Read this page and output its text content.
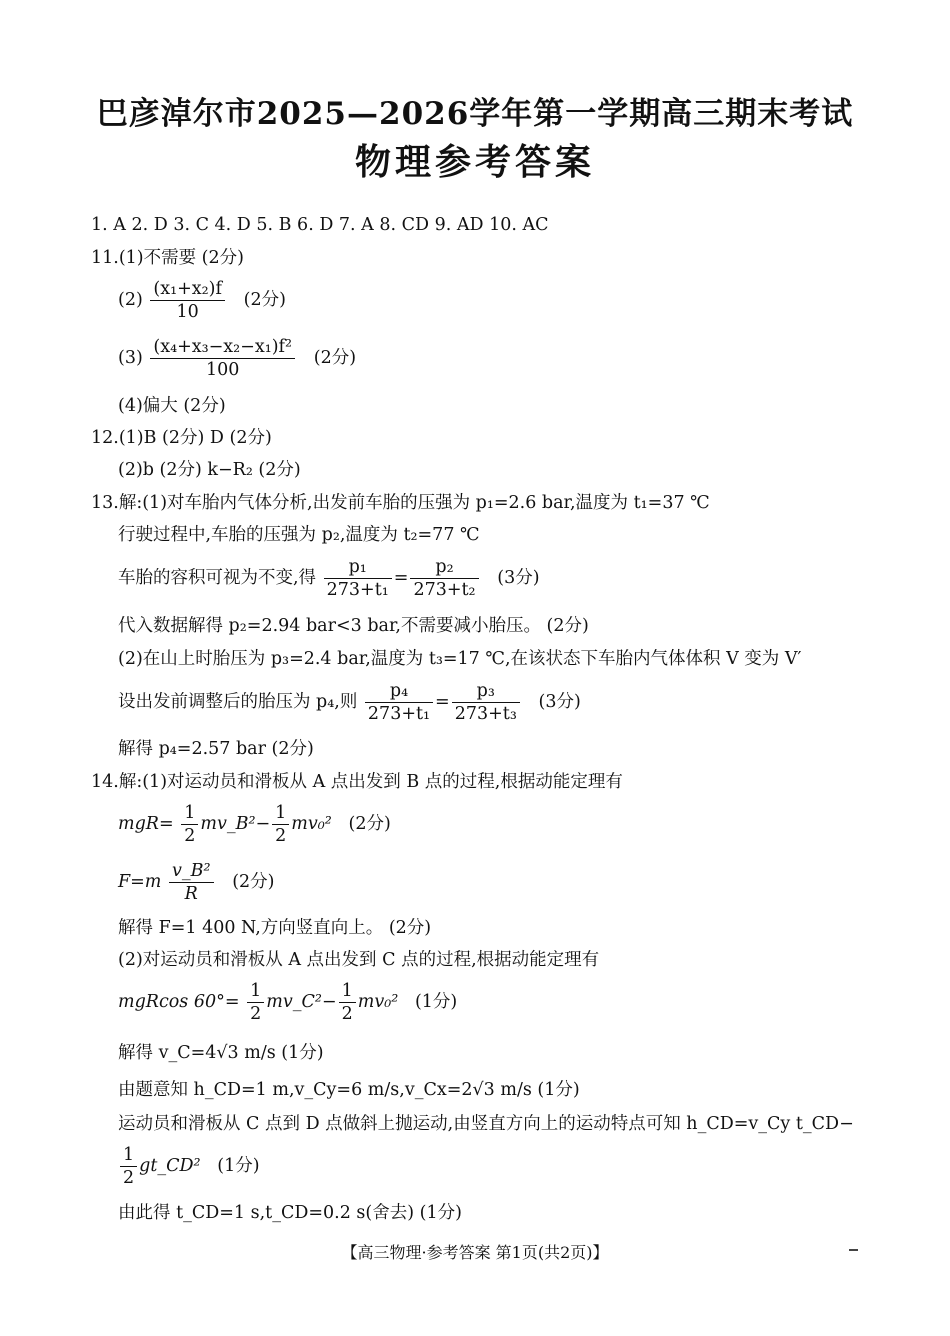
巴彦淖尔市2025—2026学年第一学期高三期末考试
物理参考答案
1. A 2. D 3. C 4. D 5. B 6. D 7. A 8. CD 9. AD 10. AC
11.(1)不需要 (2分)
$(2) \frac{\text{(x₁+x₂)f}}{10} (2$分)
$(3) \frac{\text{(x₄+x₃−x₂−x₁)f²}}{100} (2$分)
(4)偏大 (2分)
12.(1)B (2分) D (2分)
(2)b (2分) k−R₂ (2分)
13.解:(1)对车胎内气体分析,出发前车胎的压强为 p₁=2.6 bar,温度为 t₁=37 ℃
行驶过程中,车胎的压强为 p₂,温度为 t₂=77 ℃
车胎的容积可视为不变,得 $\frac{\text{p₁}}{\text{273+t₁}} = \frac{\text{p₂}}{\text{273+t₂}} (3$分)
代入数据解得 p₂=2.94 bar<3 bar,不需要减小胎压。 (2分)
(2)在山上时胎压为 p₃=2.4 bar,温度为 t₃=17 ℃,在该状态下车胎内气体体积 V 变为 V′
设出发前调整后的胎压为 p₄,则 $\frac{\text{p₄}}{\text{273+t₁}} = \frac{\text{p₃}}{\text{273+t₃}} (3$分)
解得 p₄=2.57 bar (2分)
14.解:(1)对运动员和滑板从 A 点出发到 B 点的过程,根据动能定理有
$mgR= \frac{1}{2}$ mv_B²− $\frac{1}{2} mv_0^2$ (2分)
$F=m \frac{\text{v\_B²}}{R} (2$分)
解得 F=1 400 N,方向竖直向上。 (2分)
(2)对运动员和滑板从 A 点出发到 C 点的过程,根据动能定理有
mgRcos $60^\circ= \frac{1}{2}$ mv_C²− $\frac{1}{2} mv_0^2$ (1分)
解得 v_C=4√3 m/s (1分)
由题意知 h_CD=1 m,v_Cy=6 m/s,v_Cx=2√3 m/s (1分)
运动员和滑板从 C 点到 D 点做斜上抛运动,由竖直方向上的运动特点可知 h_CD=v_Cy t_CD−
$\frac{1}{2}$ gt_CD² (1分)
由此得 t_CD=1 s,t_CD=0.2 s(舍去) (1分)
【高三物理·参考答案 第1页(共2页)】
